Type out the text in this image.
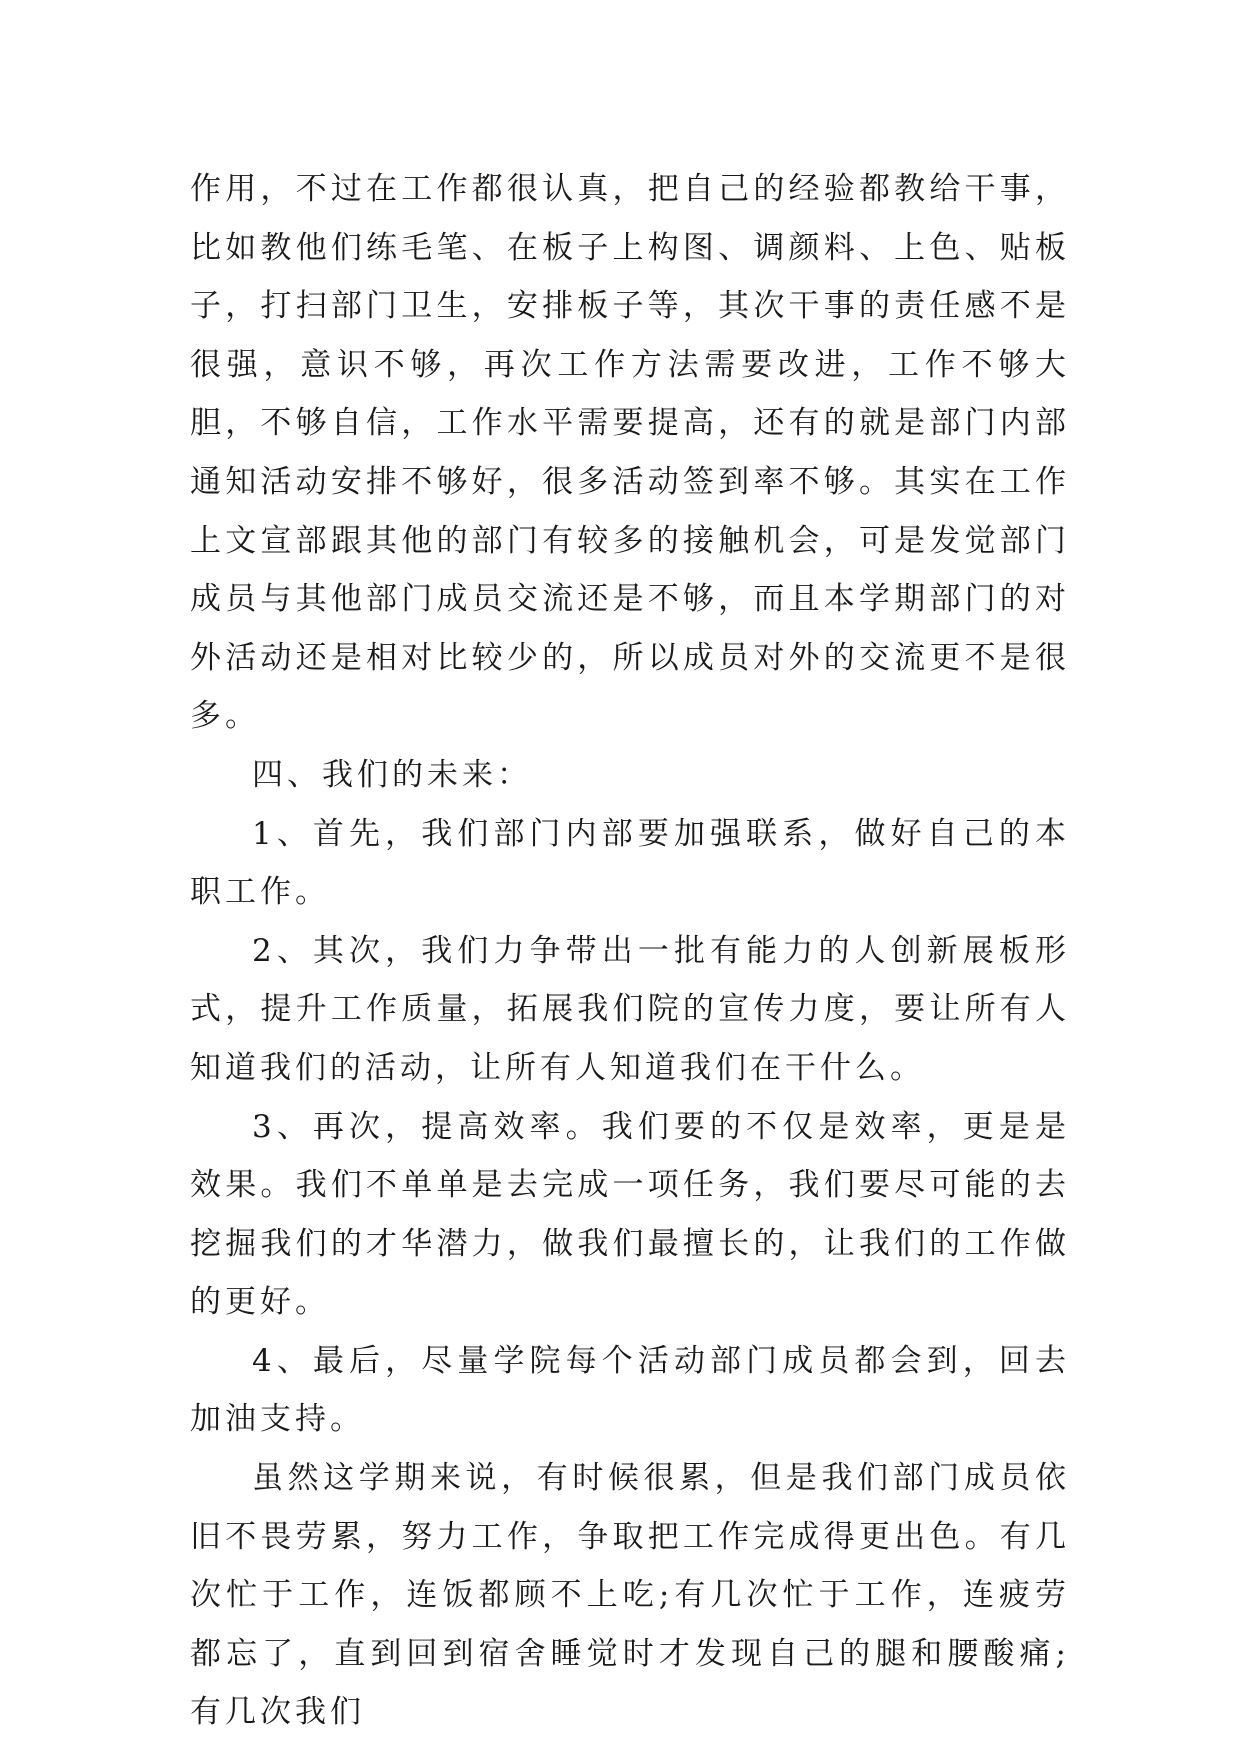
作用，不过在工作都很认真，把自己的经验都教给干事，比如教他们练毛笔、在板子上构图、调颜料、上色、贴板子，打扫部门卫生，安排板子等，其次干事的责任感不是很强，意识不够，再次工作方法需要改进，工作不够大胆，不够自信，工作水平需要提高，还有的就是部门内部通知活动安排不够好，很多活动签到率不够。其实在工作上文宣部跟其他的部门有较多的接触机会，可是发觉部门成员与其他部门成员交流还是不够，而且本学期部门的对外活动还是相对比较少的，所以成员对外的交流更不是很多。

四、我们的未来：

1、首先，我们部门内部要加强联系，做好自己的本职工作。

2、其次，我们力争带出一批有能力的人创新展板形式，提升工作质量，拓展我们院的宣传力度，要让所有人知道我们的活动，让所有人知道我们在干什么。

3、再次，提高效率。我们要的不仅是效率，更是是效果。我们不单单是去完成一项任务，我们要尽可能的去挖掘我们的才华潜力，做我们最擅长的，让我们的工作做的更好。

4、最后，尽量学院每个活动部门成员都会到，回去加油支持。

虽然这学期来说，有时候很累，但是我们部门成员依旧不畏劳累，努力工作，争取把工作完成得更出色。有几次忙于工作，连饭都顾不上吃;有几次忙于工作，连疲劳都忘了，直到回到宿舍睡觉时才发现自己的腿和腰酸痛;有几次我们
